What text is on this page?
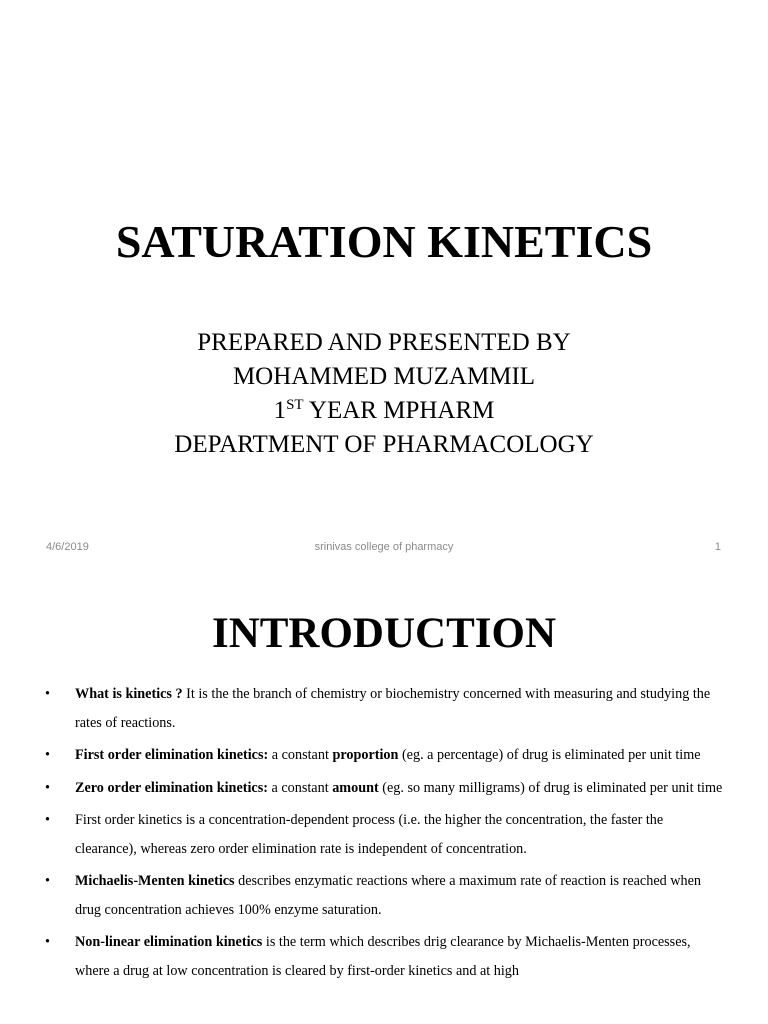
SATURATION KINETICS
PREPARED AND PRESENTED BY
MOHAMMED MUZAMMIL
1ST YEAR MPHARM
DEPARTMENT OF PHARMACOLOGY
4/6/2019	srinivas college of pharmacy	1
INTRODUCTION
• What is kinetics ? It is the the branch of chemistry or biochemistry concerned with measuring and studying the rates of reactions.
• First order elimination kinetics: a constant proportion (eg. a percentage) of drug is eliminated per unit time
• Zero order elimination kinetics: a constant amount (eg. so many milligrams) of drug is eliminated per unit time
• First order kinetics is a concentration-dependent process (i.e. the higher the concentration, the faster the clearance), whereas zero order elimination rate is independent of concentration.
• Michaelis-Menten kinetics describes enzymatic reactions where a maximum rate of reaction is reached when drug concentration achieves 100% enzyme saturation.
• Non-linear elimination kinetics is the term which describes drig clearance by Michaelis-Menten processes, where a drug at low concentration is cleared by first-order kinetics and at high
